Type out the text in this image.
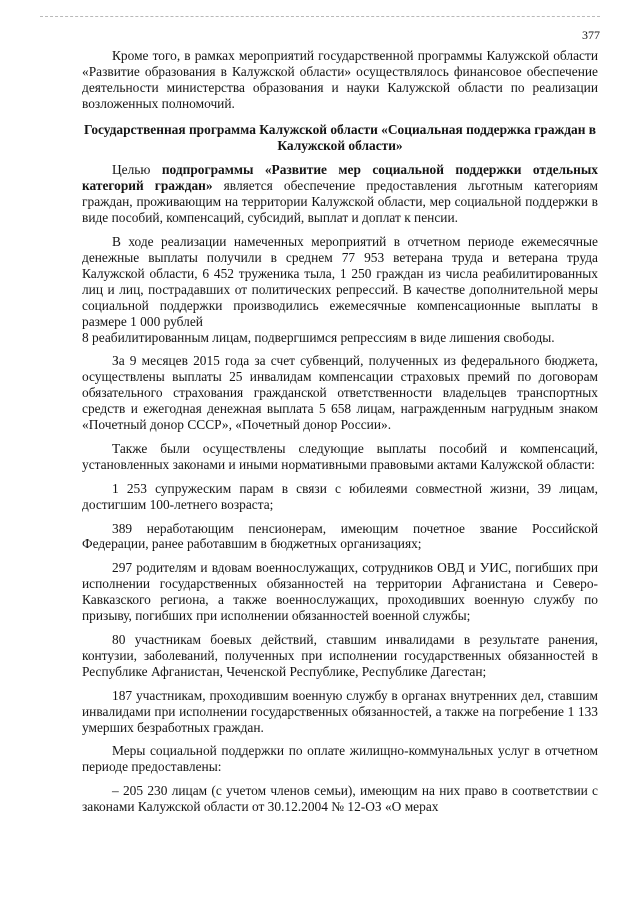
377

Кроме того, в рамках мероприятий государственной программы Калужской области «Развитие образования в Калужской области» осуществлялось финансовое обеспечение деятельности министерства образования и науки Калужской области по реализации возложенных полномочий.

Государственная программа Калужской области «Социальная поддержка граждан в Калужской области»

Целью подпрограммы «Развитие мер социальной поддержки отдельных категорий граждан» является обеспечение предоставления льготным категориям граждан, проживающим на территории Калужской области, мер социальной поддержки в виде пособий, компенсаций, субсидий, выплат и доплат к пенсии.

В ходе реализации намеченных мероприятий в отчетном периоде ежемесячные денежные выплаты получили в среднем 77 953 ветерана труда и ветерана труда Калужской области, 6 452 труженика тыла, 1 250 граждан из числа реабилитированных лиц и лиц, пострадавших от политических репрессий. В качестве дополнительной меры социальной поддержки производились ежемесячные компенсационные выплаты в размере 1 000 рублей

8 реабилитированным лицам, подвергшимся репрессиям в виде лишения свободы.

За 9 месяцев 2015 года за счет субвенций, полученных из федерального бюджета, осуществлены выплаты 25 инвалидам компенсации страховых премий по договорам обязательного страхования гражданской ответственности владельцев транспортных средств и ежегодная денежная выплата 5 658 лицам, награжденным нагрудным знаком «Почетный донор СССР», «Почетный донор России».

Также были осуществлены следующие выплаты пособий и компенсаций, установленных законами и иными нормативными правовыми актами Калужской области:

1 253 супружеским парам в связи с юбилеями совместной жизни, 39 лицам, достигшим 100-летнего возраста;

389 неработающим пенсионерам, имеющим почетное звание Российской Федерации, ранее работавшим в бюджетных организациях;

297 родителям и вдовам военнослужащих, сотрудников ОВД и УИС, погибших при исполнении государственных обязанностей на территории Афганистана и Северо-Кавказского региона, а также военнослужащих, проходивших военную службу по призыву, погибших при исполнении обязанностей военной службы;

80 участникам боевых действий, ставшим инвалидами в результате ранения, контузии, заболеваний, полученных при исполнении государственных обязанностей в Республике Афганистан, Чеченской Республике, Республике Дагестан;

187 участникам, проходившим военную службу в органах внутренних дел, ставшим инвалидами при исполнении государственных обязанностей, а также на погребение 1 133 умерших безработных граждан.

Меры социальной поддержки по оплате жилищно-коммунальных услуг в отчетном периоде предоставлены:

– 205 230 лицам (с учетом членов семьи), имеющим на них право в соответствии с законами Калужской области от 30.12.2004 № 12-ОЗ «О мерах
